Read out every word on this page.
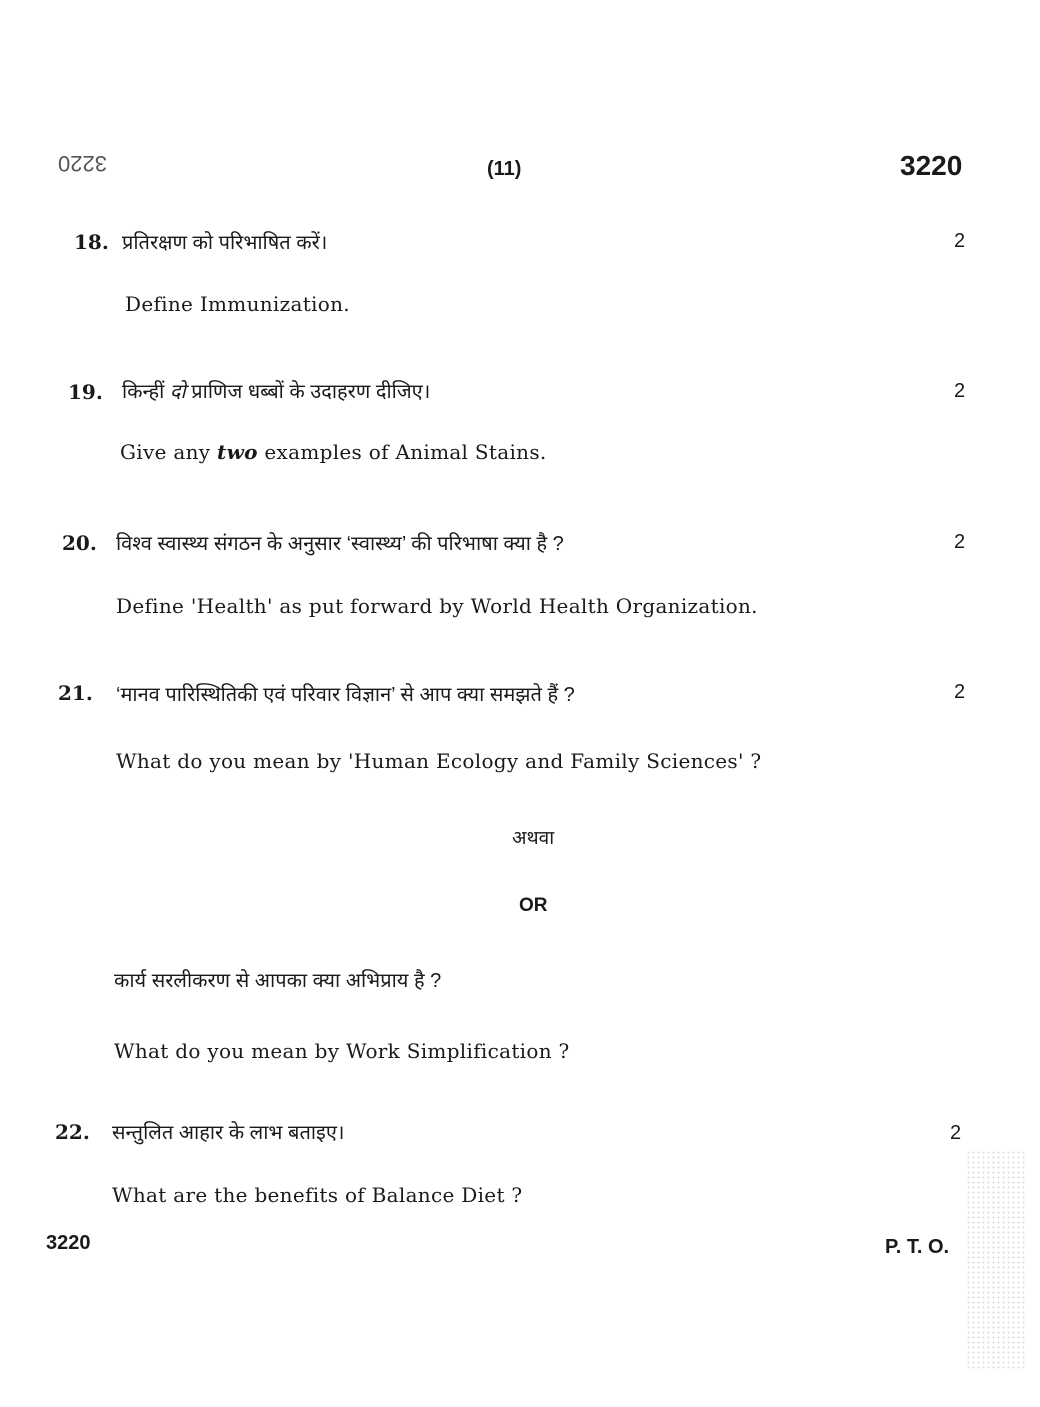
3220	(11)	3220
18. प्रतिरक्षण को परिभाषित करें।	2
Define Immunization.
19. किन्हीं दो प्राणिज धब्बों के उदाहरण दीजिए।	2
Give any two examples of Animal Stains.
20. विश्व स्वास्थ्य संगठन के अनुसार ‘स्वास्थ्य’ की परिभाषा क्या है ?	2
Define 'Health' as put forward by World Health Organization.
21. ‘मानव पारिस्थितिकी एवं परिवार विज्ञान’ से आप क्या समझते हैं ?	2
What do you mean by 'Human Ecology and Family Sciences' ?
अथवा
OR
कार्य सरलीकरण से आपका क्या अभिप्राय है ?
What do you mean by Work Simplification ?
22. सन्तुलित आहार के लाभ बताइए।	2
What are the benefits of Balance Diet ?
3220	P. T. O.
